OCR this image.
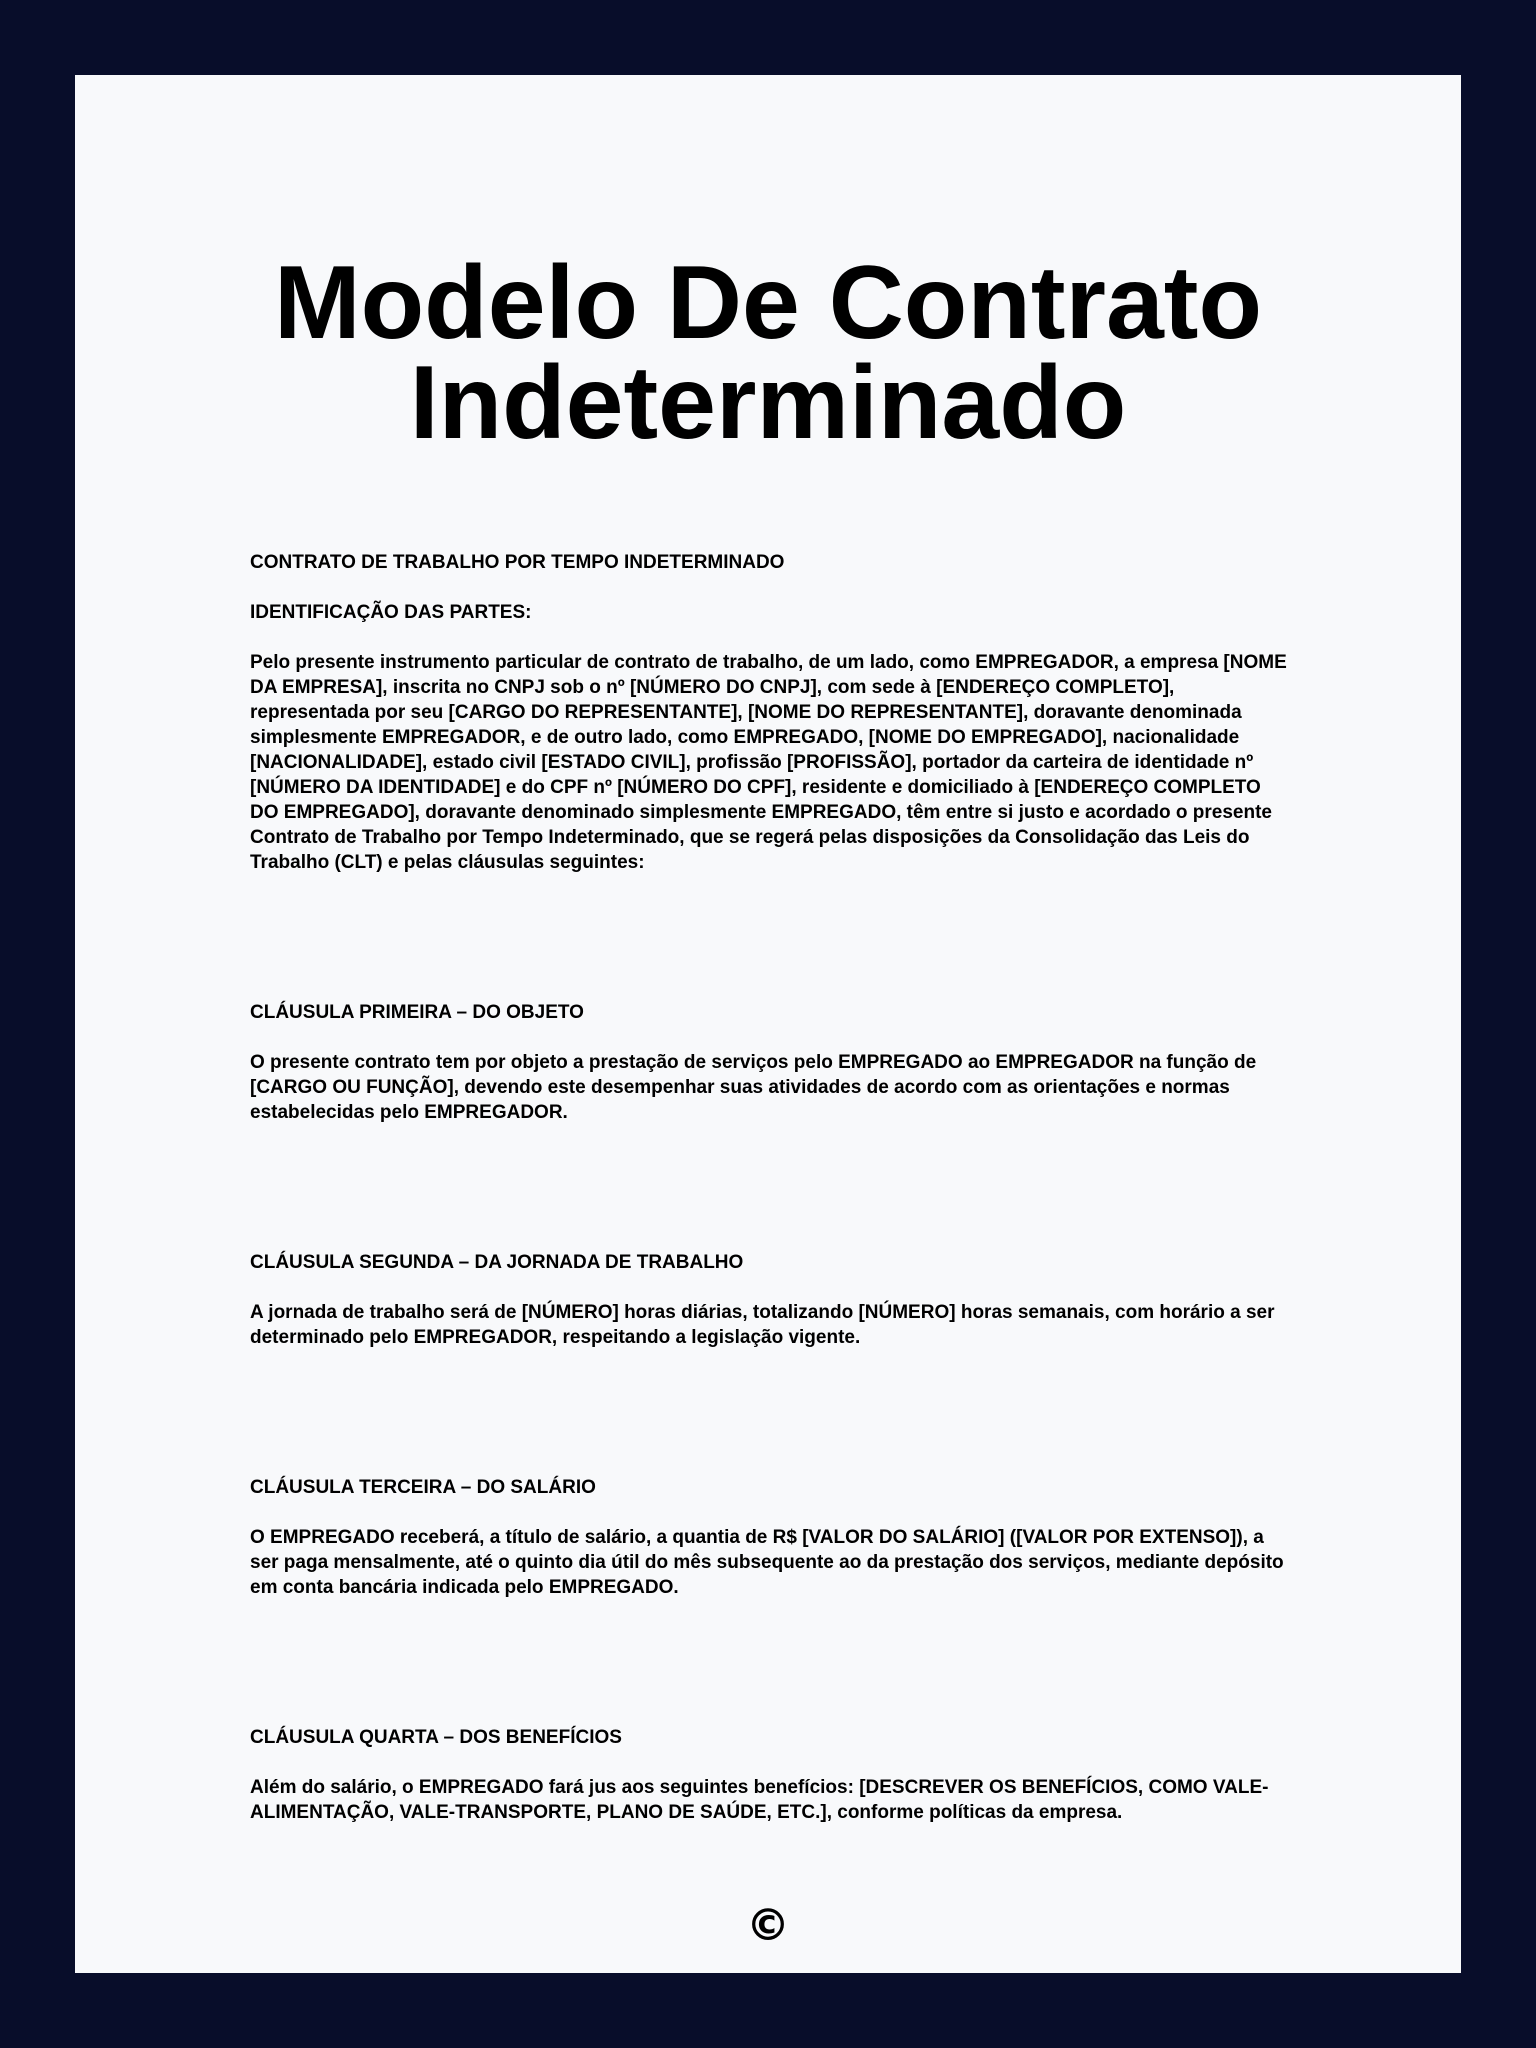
Modelo De Contrato
Indeterminado

CONTRATO DE TRABALHO POR TEMPO INDETERMINADO

IDENTIFICAÇÃO DAS PARTES:

Pelo presente instrumento particular de contrato de trabalho, de um lado, como EMPREGADOR, a empresa [NOME DA EMPRESA], inscrita no CNPJ sob o nº [NÚMERO DO CNPJ], com sede à [ENDEREÇO COMPLETO], representada por seu [CARGO DO REPRESENTANTE], [NOME DO REPRESENTANTE], doravante denominada simplesmente EMPREGADOR, e de outro lado, como EMPREGADO, [NOME DO EMPREGADO], nacionalidade [NACIONALIDADE], estado civil [ESTADO CIVIL], profissão [PROFISSÃO], portador da carteira de identidade nº [NÚMERO DA IDENTIDADE] e do CPF nº [NÚMERO DO CPF], residente e domiciliado à [ENDEREÇO COMPLETO DO EMPREGADO], doravante denominado simplesmente EMPREGADO, têm entre si justo e acordado o presente Contrato de Trabalho por Tempo Indeterminado, que se regerá pelas disposições da Consolidação das Leis do Trabalho (CLT) e pelas cláusulas seguintes:

CLÁUSULA PRIMEIRA – DO OBJETO

O presente contrato tem por objeto a prestação de serviços pelo EMPREGADO ao EMPREGADOR na função de [CARGO OU FUNÇÃO], devendo este desempenhar suas atividades de acordo com as orientações e normas estabelecidas pelo EMPREGADOR.

CLÁUSULA SEGUNDA – DA JORNADA DE TRABALHO

A jornada de trabalho será de [NÚMERO] horas diárias, totalizando [NÚMERO] horas semanais, com horário a ser determinado pelo EMPREGADOR, respeitando a legislação vigente.

CLÁUSULA TERCEIRA – DO SALÁRIO

O EMPREGADO receberá, a título de salário, a quantia de R$ [VALOR DO SALÁRIO] ([VALOR POR EXTENSO]), a ser paga mensalmente, até o quinto dia útil do mês subsequente ao da prestação dos serviços, mediante depósito em conta bancária indicada pelo EMPREGADO.

CLÁUSULA QUARTA – DOS BENEFÍCIOS

Além do salário, o EMPREGADO fará jus aos seguintes benefícios: [DESCREVER OS BENEFÍCIOS, COMO VALE-ALIMENTAÇÃO, VALE-TRANSPORTE, PLANO DE SAÚDE, ETC.], conforme políticas da empresa.

©
